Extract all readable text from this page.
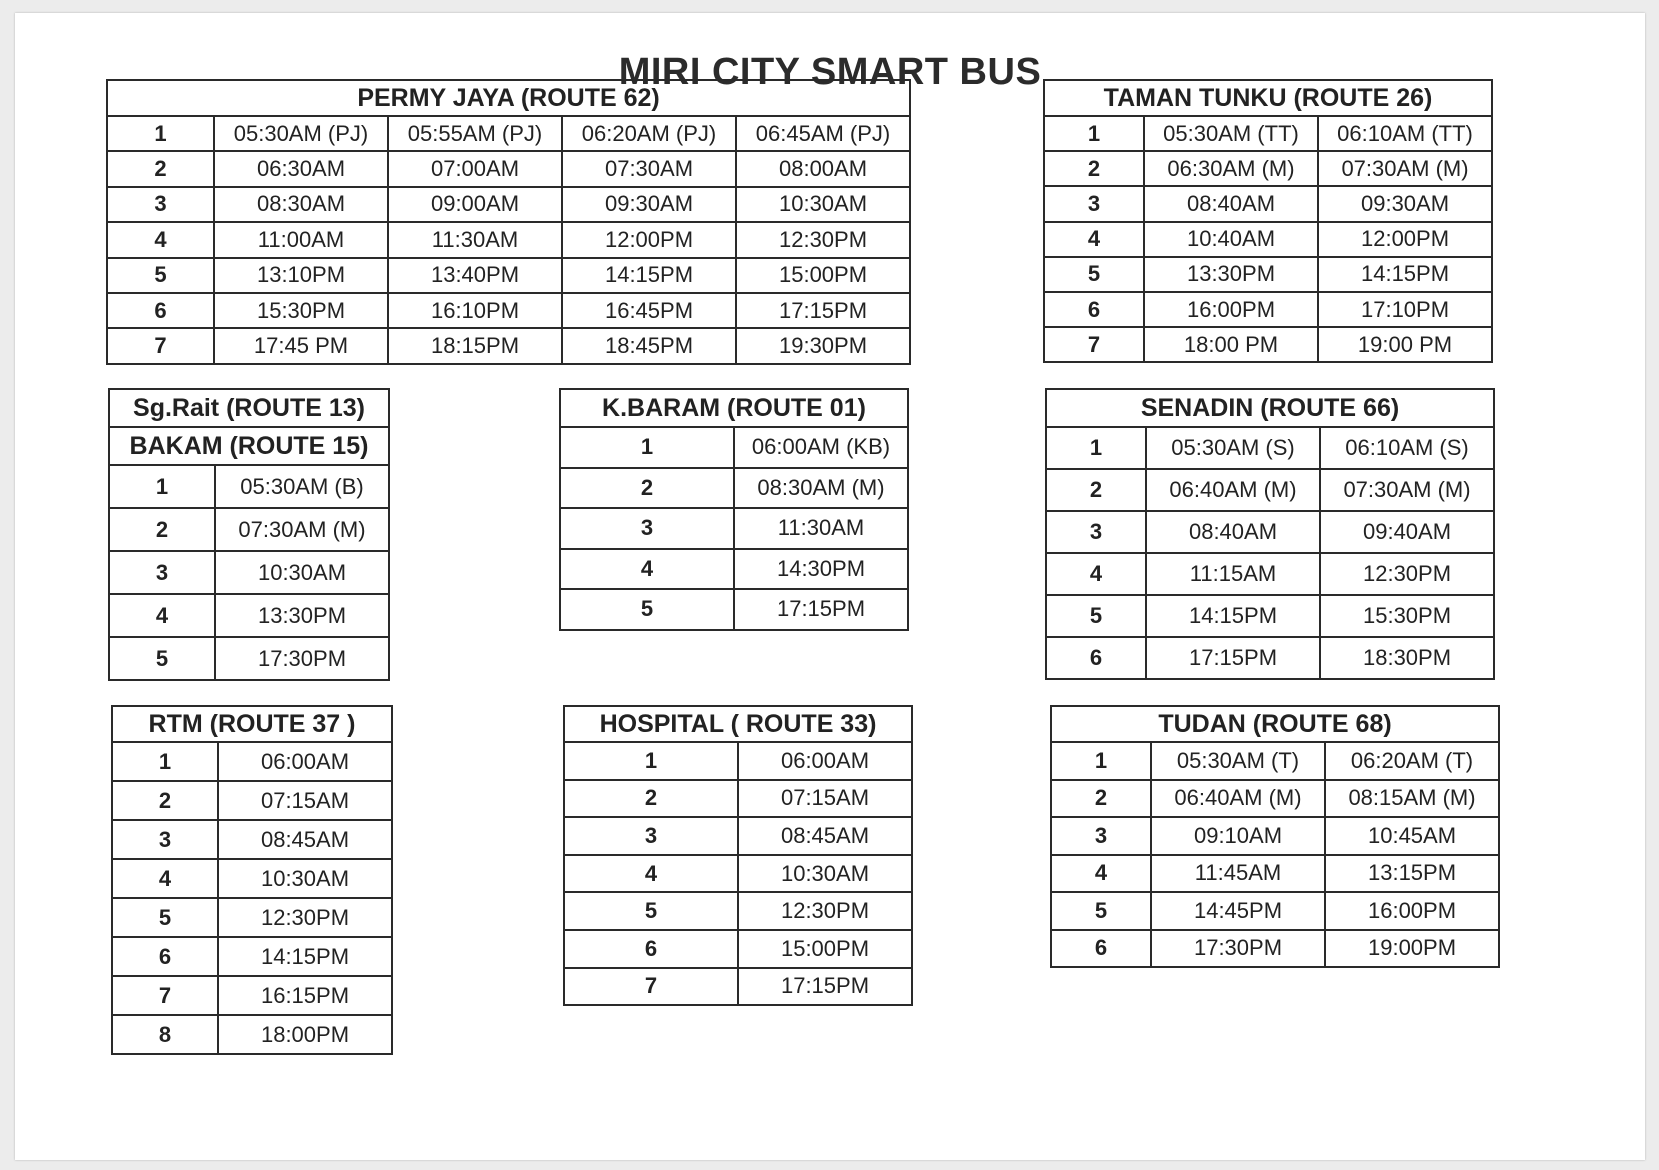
MIRI CITY SMART BUS
PERMY JAYA (ROUTE 62)				
1	05:30AM (PJ)	05:55AM (PJ)	06:20AM (PJ)	06:45AM (PJ)
2	06:30AM	07:00AM	07:30AM	08:00AM
3	08:30AM	09:00AM	09:30AM	10:30AM
4	11:00AM	11:30AM	12:00PM	12:30PM
5	13:10PM	13:40PM	14:15PM	15:00PM
6	15:30PM	16:10PM	16:45PM	17:15PM
7	17:45 PM	18:15PM	18:45PM	19:30PM
TAMAN TUNKU (ROUTE 26)		
1	05:30AM (TT)	06:10AM (TT)
2	06:30AM (M)	07:30AM (M)
3	08:40AM	09:30AM
4	10:40AM	12:00PM
5	13:30PM	14:15PM
6	16:00PM	17:10PM
7	18:00 PM	19:00 PM
Sg.Rait (ROUTE 13)	
BAKAM (ROUTE 15)	
1	05:30AM (B)
2	07:30AM (M)
3	10:30AM
4	13:30PM
5	17:30PM
K.BARAM (ROUTE 01)	
1	06:00AM (KB)
2	08:30AM (M)
3	11:30AM
4	14:30PM
5	17:15PM
SENADIN (ROUTE 66)		
1	05:30AM (S)	06:10AM (S)
2	06:40AM (M)	07:30AM (M)
3	08:40AM	09:40AM
4	11:15AM	12:30PM
5	14:15PM	15:30PM
6	17:15PM	18:30PM
RTM (ROUTE 37 )	
1	06:00AM
2	07:15AM
3	08:45AM
4	10:30AM
5	12:30PM
6	14:15PM
7	16:15PM
8	18:00PM
HOSPITAL ( ROUTE 33)	
1	06:00AM
2	07:15AM
3	08:45AM
4	10:30AM
5	12:30PM
6	15:00PM
7	17:15PM
TUDAN (ROUTE 68)		
1	05:30AM (T)	06:20AM (T)
2	06:40AM (M)	08:15AM (M)
3	09:10AM	10:45AM
4	11:45AM	13:15PM
5	14:45PM	16:00PM
6	17:30PM	19:00PM
